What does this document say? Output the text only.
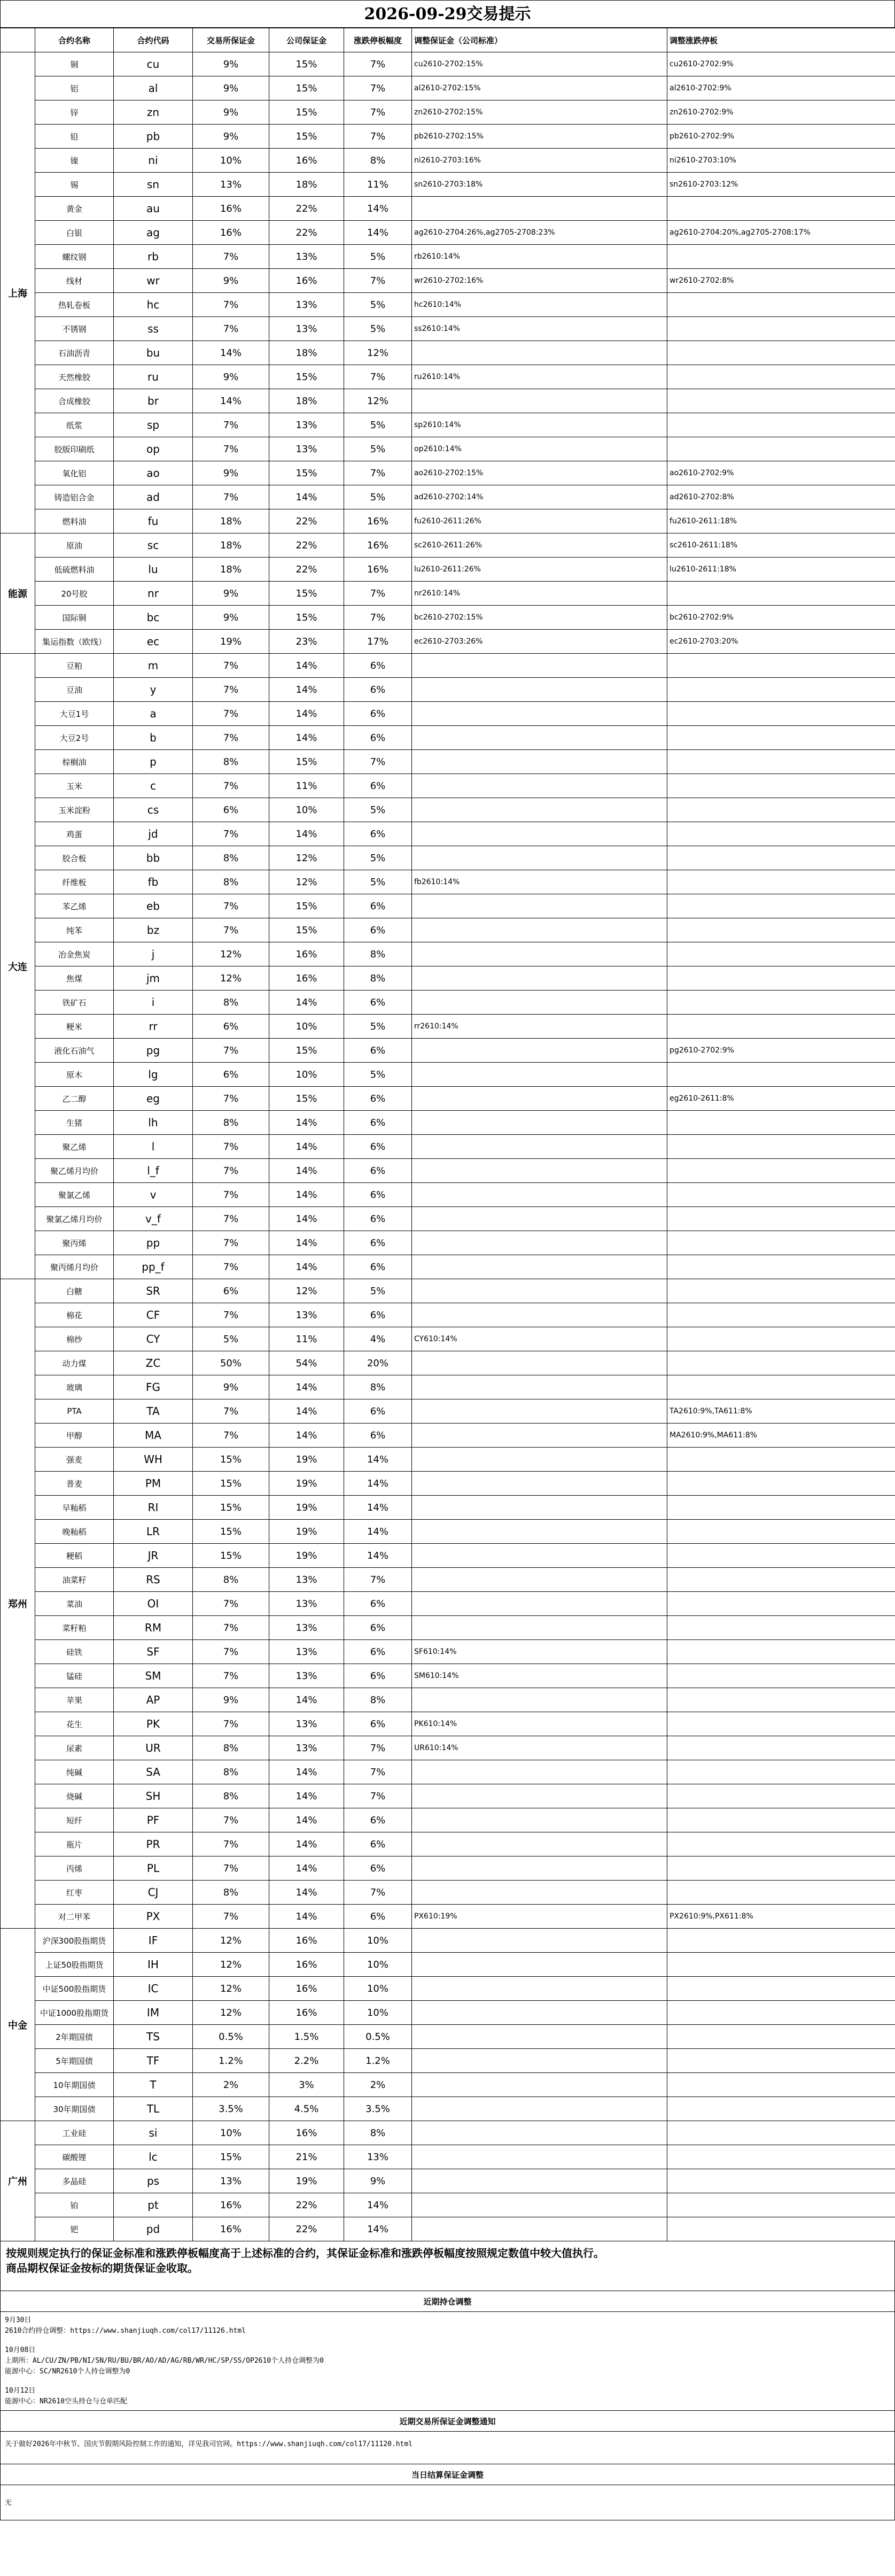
2026-09-29交易提示
	合约名称	合约代码	交易所保证金	公司保证金	涨跌停板幅度	调整保证金（公司标准）	调整涨跌停板
上海	铜	cu	9%	15%	7%	cu2610-2702:15%	cu2610-2702:9%
	铝	al	9%	15%	7%	al2610-2702:15%	al2610-2702:9%
	锌	zn	9%	15%	7%	zn2610-2702:15%	zn2610-2702:9%
	铅	pb	9%	15%	7%	pb2610-2702:15%	pb2610-2702:9%
	镍	ni	10%	16%	8%	ni2610-2703:16%	ni2610-2703:10%
	锡	sn	13%	18%	11%	sn2610-2703:18%	sn2610-2703:12%
	黄金	au	16%	22%	14%		
	白银	ag	16%	22%	14%	ag2610-2704:26%,ag2705-2708:23%	ag2610-2704:20%,ag2705-2708:17%
	螺纹钢	rb	7%	13%	5%	rb2610:14%	
	线材	wr	9%	16%	7%	wr2610-2702:16%	wr2610-2702:8%
	热轧卷板	hc	7%	13%	5%	hc2610:14%	
	不锈钢	ss	7%	13%	5%	ss2610:14%	
	石油沥青	bu	14%	18%	12%		
	天然橡胶	ru	9%	15%	7%	ru2610:14%	
	合成橡胶	br	14%	18%	12%		
	纸浆	sp	7%	13%	5%	sp2610:14%	
	胶版印刷纸	op	7%	13%	5%	op2610:14%	
	氧化铝	ao	9%	15%	7%	ao2610-2702:15%	ao2610-2702:9%
	铸造铝合金	ad	7%	14%	5%	ad2610-2702:14%	ad2610-2702:8%
	燃料油	fu	18%	22%	16%	fu2610-2611:26%	fu2610-2611:18%
能源	原油	sc	18%	22%	16%	sc2610-2611:26%	sc2610-2611:18%
	低硫燃料油	lu	18%	22%	16%	lu2610-2611:26%	lu2610-2611:18%
	20号胶	nr	9%	15%	7%	nr2610:14%	
	国际铜	bc	9%	15%	7%	bc2610-2702:15%	bc2610-2702:9%
	集运指数（欧线）	ec	19%	23%	17%	ec2610-2703:26%	ec2610-2703:20%
大连	豆粕	m	7%	14%	6%		
	豆油	y	7%	14%	6%		
	大豆1号	a	7%	14%	6%		
	大豆2号	b	7%	14%	6%		
	棕榈油	p	8%	15%	7%		
	玉米	c	7%	11%	6%		
	玉米淀粉	cs	6%	10%	5%		
	鸡蛋	jd	7%	14%	6%		
	胶合板	bb	8%	12%	5%		
	纤维板	fb	8%	12%	5%	fb2610:14%	
	苯乙烯	eb	7%	15%	6%		
	纯苯	bz	7%	15%	6%		
	冶金焦炭	j	12%	16%	8%		
	焦煤	jm	12%	16%	8%		
	铁矿石	i	8%	14%	6%		
	粳米	rr	6%	10%	5%	rr2610:14%	
	液化石油气	pg	7%	15%	6%		pg2610-2702:9%
	原木	lg	6%	10%	5%		
	乙二醇	eg	7%	15%	6%		eg2610-2611:8%
	生猪	lh	8%	14%	6%		
	聚乙烯	l	7%	14%	6%		
	聚乙烯月均价	l_f	7%	14%	6%		
	聚氯乙烯	v	7%	14%	6%		
	聚氯乙烯月均价	v_f	7%	14%	6%		
	聚丙烯	pp	7%	14%	6%		
	聚丙烯月均价	pp_f	7%	14%	6%		
郑州	白糖	SR	6%	12%	5%		
	棉花	CF	7%	13%	6%		
	棉纱	CY	5%	11%	4%	CY610:14%	
	动力煤	ZC	50%	54%	20%		
	玻璃	FG	9%	14%	8%		
	PTA	TA	7%	14%	6%		TA2610:9%,TA611:8%
	甲醇	MA	7%	14%	6%		MA2610:9%,MA611:8%
	强麦	WH	15%	19%	14%		
	普麦	PM	15%	19%	14%		
	早籼稻	RI	15%	19%	14%		
	晚籼稻	LR	15%	19%	14%		
	粳稻	JR	15%	19%	14%		
	油菜籽	RS	8%	13%	7%		
	菜油	OI	7%	13%	6%		
	菜籽粕	RM	7%	13%	6%		
	硅铁	SF	7%	13%	6%	SF610:14%	
	锰硅	SM	7%	13%	6%	SM610:14%	
	苹果	AP	9%	14%	8%		
	花生	PK	7%	13%	6%	PK610:14%	
	尿素	UR	8%	13%	7%	UR610:14%	
	纯碱	SA	8%	14%	7%		
	烧碱	SH	8%	14%	7%		
	短纤	PF	7%	14%	6%		
	瓶片	PR	7%	14%	6%		
	丙烯	PL	7%	14%	6%		
	红枣	CJ	8%	14%	7%		
	对二甲苯	PX	7%	14%	6%	PX610:19%	PX2610:9%,PX611:8%
中金	沪深300股指期货	IF	12%	16%	10%		
	上证50股指期货	IH	12%	16%	10%		
	中证500股指期货	IC	12%	16%	10%		
	中证1000股指期货	IM	12%	16%	10%		
	2年期国债	TS	0.5%	1.5%	0.5%		
	5年期国债	TF	1.2%	2.2%	1.2%		
	10年期国债	T	2%	3%	2%		
	30年期国债	TL	3.5%	4.5%	3.5%		
广州	工业硅	si	10%	16%	8%		
	碳酸锂	lc	15%	21%	13%		
	多晶硅	ps	13%	19%	9%		
	铂	pt	16%	22%	14%		
	钯	pd	16%	22%	14%		
按规则规定执行的保证金标准和涨跌停板幅度高于上述标准的合约，其保证金标准和涨跌停板幅度按照规定数值中较大值执行。
商品期权保证金按标的期货保证金收取。
近期持仓调整

9月30日

2610合约持仓调整：https://www.shanjiuqh.com/col17/11126.html

10月08日

上期所：AL/CU/ZN/PB/NI/SN/RU/BU/BR/AO/AD/AG/RB/WR/HC/SP/SS/OP2610个人持仓调整为0

能源中心：SC/NR2610个人持仓调整为0

10月12日

能源中心：NR2610空头持仓与仓单匹配

近期交易所保证金调整通知
关于做好2026年中秋节、国庆节假期风险控制工作的通知，详见我司官网。https://www.shanjiuqh.com/col17/11120.html
当日结算保证金调整
无
